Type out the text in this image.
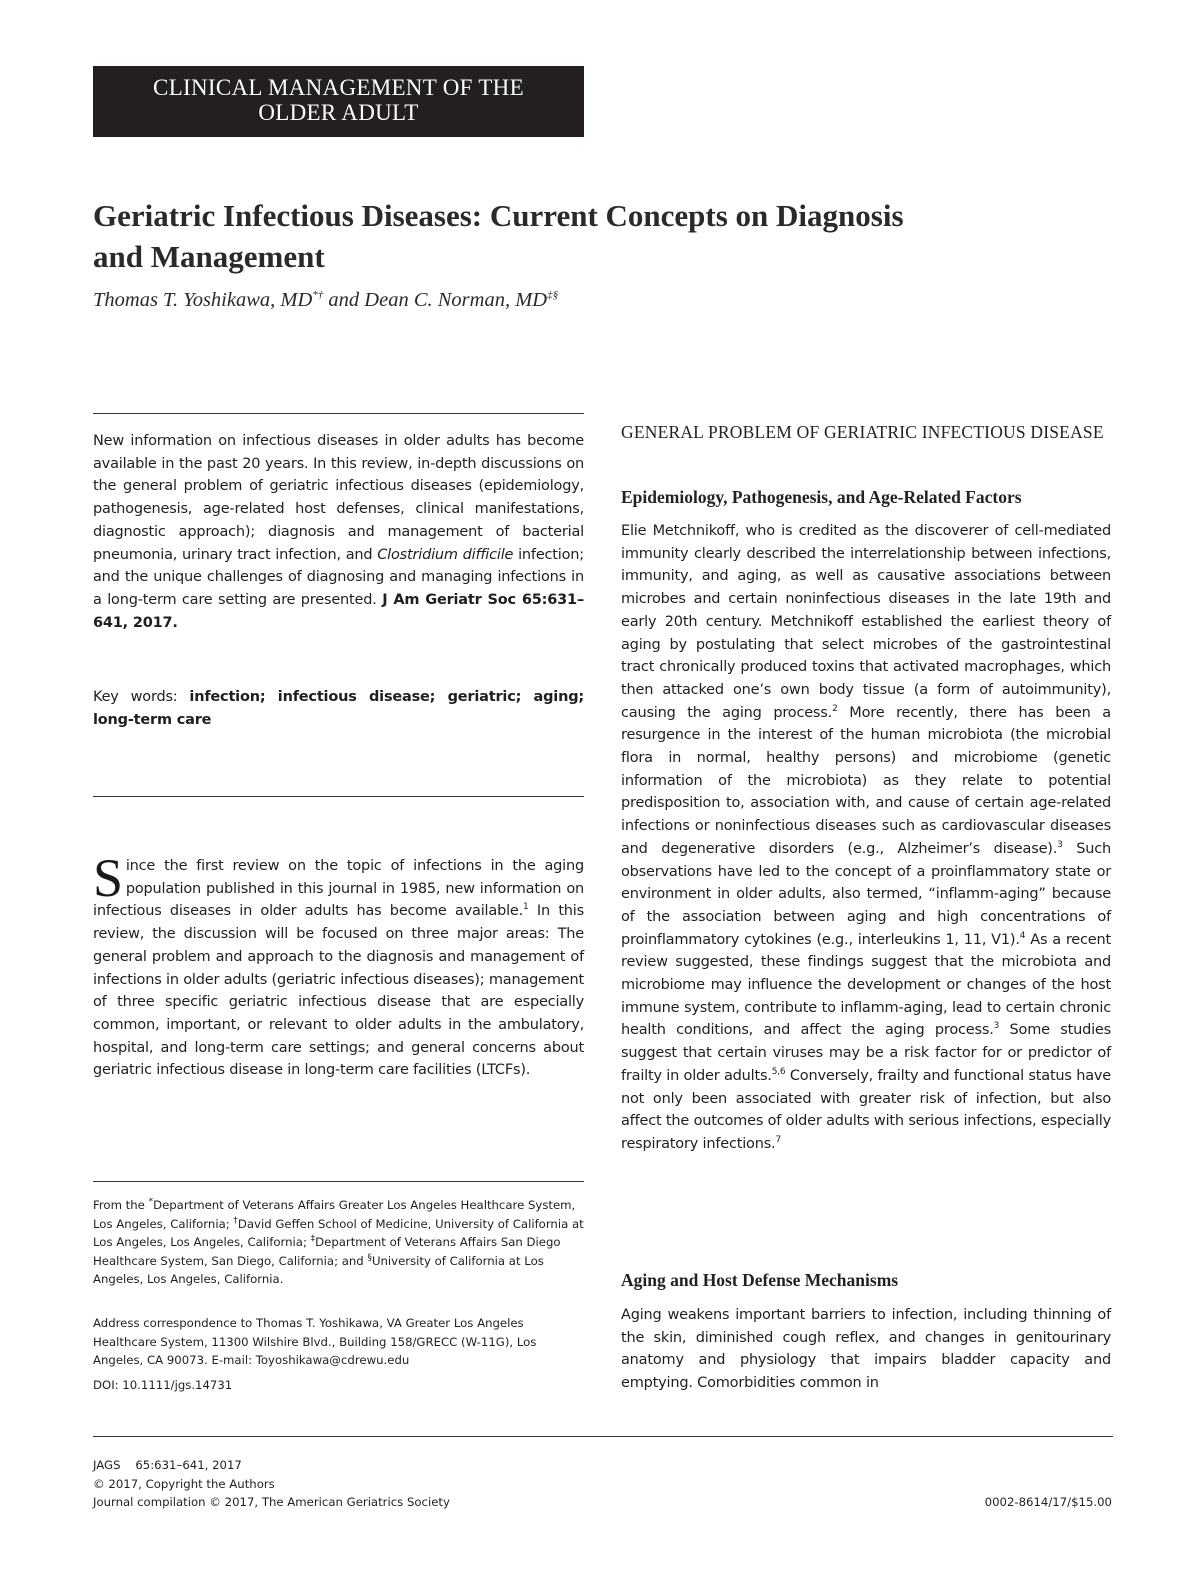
CLINICAL MANAGEMENT OF THE
OLDER ADULT
Geriatric Infectious Diseases: Current Concepts on Diagnosis
and Management
Thomas T. Yoshikawa, MD*† and Dean C. Norman, MD‡§
New information on infectious diseases in older adults has become available in the past 20 years. In this review, in-depth discussions on the general problem of geriatric infectious diseases (epidemiology, pathogenesis, age-related host defenses, clinical manifestations, diagnostic approach); diagnosis and management of bacterial pneumonia, urinary tract infection, and Clostridium difficile infection; and the unique challenges of diagnosing and managing infections in a long-term care setting are presented. J Am Geriatr Soc 65:631–641, 2017.
Key words: infection; infectious disease; geriatric; aging; long-term care
Since the first review on the topic of infections in the aging population published in this journal in 1985, new information on infectious diseases in older adults has become available.$^1$ In this review, the discussion will be focused on three major areas: The general problem and approach to the diagnosis and management of infections in older adults (geriatric infectious diseases); management of three specific geriatric infectious disease that are especially common, important, or relevant to older adults in the ambulatory, hospital, and long-term care settings; and general concerns about geriatric infectious disease in long-term care facilities (LTCFs).
From the *Department of Veterans Affairs Greater Los Angeles Healthcare System, Los Angeles, California; †David Geffen School of Medicine, University of California at Los Angeles, Los Angeles, California; ‡Department of Veterans Affairs San Diego Healthcare System, San Diego, California; and §University of California at Los Angeles, Los Angeles, California.
Address correspondence to Thomas T. Yoshikawa, VA Greater Los Angeles Healthcare System, 11300 Wilshire Blvd., Building 158/GRECC (W-11G), Los Angeles, CA 90073. E-mail: Toyoshikawa@cdrewu.edu
DOI: 10.1111/jgs.14731
GENERAL PROBLEM OF GERIATRIC INFECTIOUS DISEASE
Epidemiology, Pathogenesis, and Age-Related Factors
Elie Metchnikoff, who is credited as the discoverer of cell-mediated immunity clearly described the interrelationship between infections, immunity, and aging, as well as causative associations between microbes and certain noninfectious diseases in the late 19th and early 20th century. Metchnikoff established the earliest theory of aging by postulating that select microbes of the gastrointestinal tract chronically produced toxins that activated macrophages, which then attacked one’s own body tissue (a form of autoimmunity), causing the aging process.$^2$ More recently, there has been a resurgence in the interest of the human microbiota (the microbial flora in normal, healthy persons) and microbiome (genetic information of the microbiota) as they relate to potential predisposition to, association with, and cause of certain age-related infections or noninfectious diseases such as cardiovascular diseases and degenerative disorders (e.g., Alzheimer’s disease).$^3$ Such observations have led to the concept of a proinflammatory state or environment in older adults, also termed, “inflamm-aging” because of the association between aging and high concentrations of proinflammatory cytokines (e.g., interleukins 1, 11, V1).$^4$ As a recent review suggested, these findings suggest that the microbiota and microbiome may influence the development or changes of the host immune system, contribute to inflamm-aging, lead to certain chronic health conditions, and affect the aging process.$^3$ Some studies suggest that certain viruses may be a risk factor for or predictor of frailty in older adults.$^{5,6}$ Conversely, frailty and functional status have not only been associated with greater risk of infection, but also affect the outcomes of older adults with serious infections, especially respiratory infections.$^7$
Aging and Host Defense Mechanisms
Aging weakens important barriers to infection, including thinning of the skin, diminished cough reflex, and changes in genitourinary anatomy and physiology that impairs bladder capacity and emptying. Comorbidities common in
JAGS    65:631–641, 2017
© 2017, Copyright the Authors
Journal compilation © 2017, The American Geriatrics Society	0002-8614/17/$15.00
